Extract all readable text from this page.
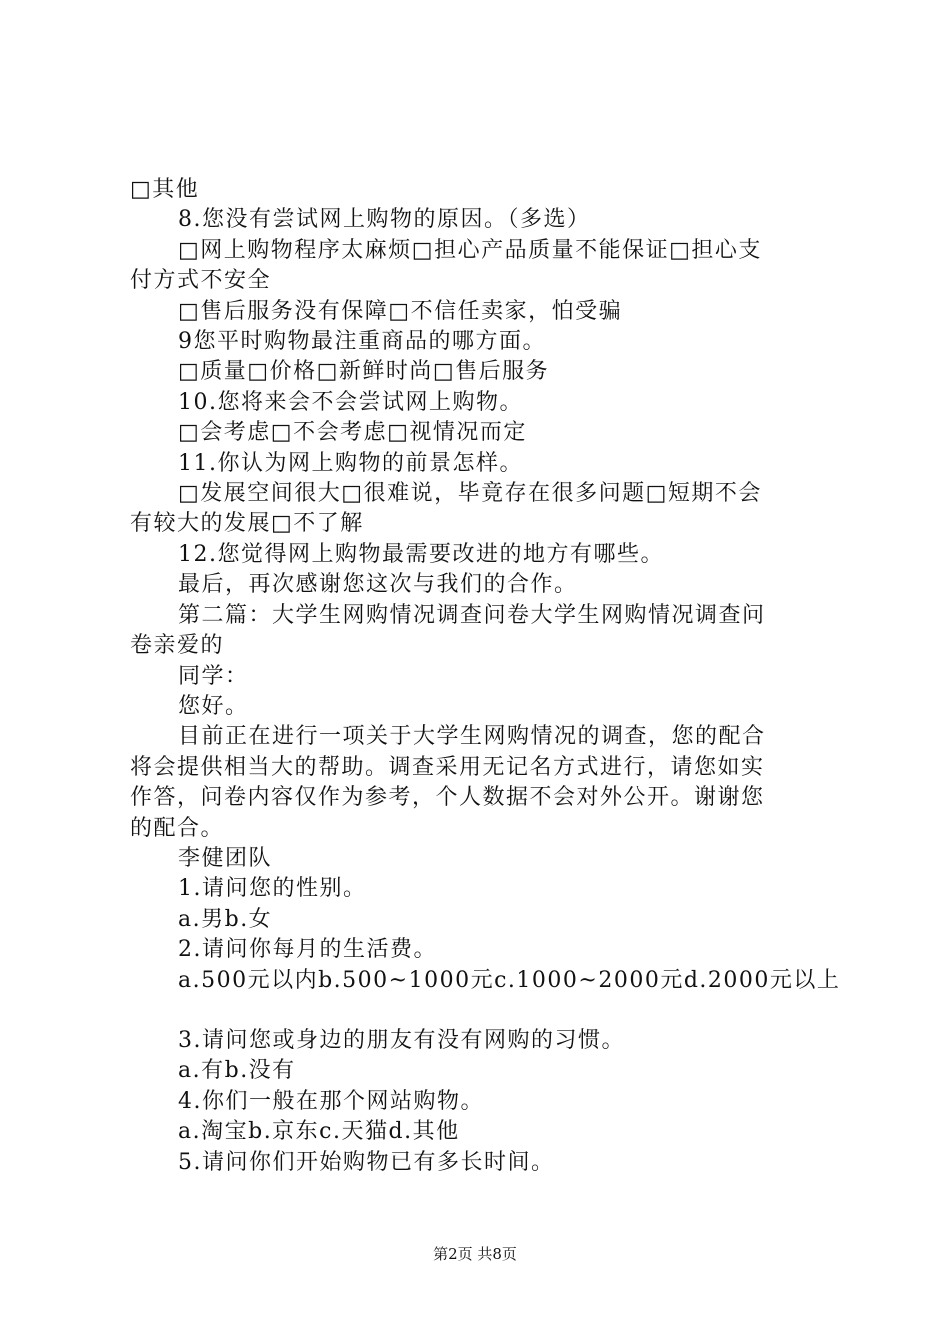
□其他
8.您没有尝试网上购物的原因。（多选）
□网上购物程序太麻烦□担心产品质量不能保证□担心支
付方式不安全
□售后服务没有保障□不信任卖家，怕受骗
9您平时购物最注重商品的哪方面。
□质量□价格□新鲜时尚□售后服务
10.您将来会不会尝试网上购物。
□会考虑□不会考虑□视情况而定
11.你认为网上购物的前景怎样。
□发展空间很大□很难说，毕竟存在很多问题□短期不会
有较大的发展□不了解
12.您觉得网上购物最需要改进的地方有哪些。
最后，再次感谢您这次与我们的合作。
第二篇：大学生网购情况调查问卷大学生网购情况调查问
卷亲爱的
同学：
您好。
目前正在进行一项关于大学生网购情况的调查，您的配合
将会提供相当大的帮助。调查采用无记名方式进行，请您如实
作答，问卷内容仅作为参考，个人数据不会对外公开。谢谢您
的配合。
李健团队
1.请问您的性别。
a.男b.女
2.请问你每月的生活费。
a.500元以内b.500~1000元c.1000~2000元d.2000元以上
3.请问您或身边的朋友有没有网购的习惯。
a.有b.没有
4.你们一般在那个网站购物。
a.淘宝b.京东c.天猫d.其他
5.请问你们开始购物已有多长时间。
第2页 共8页
